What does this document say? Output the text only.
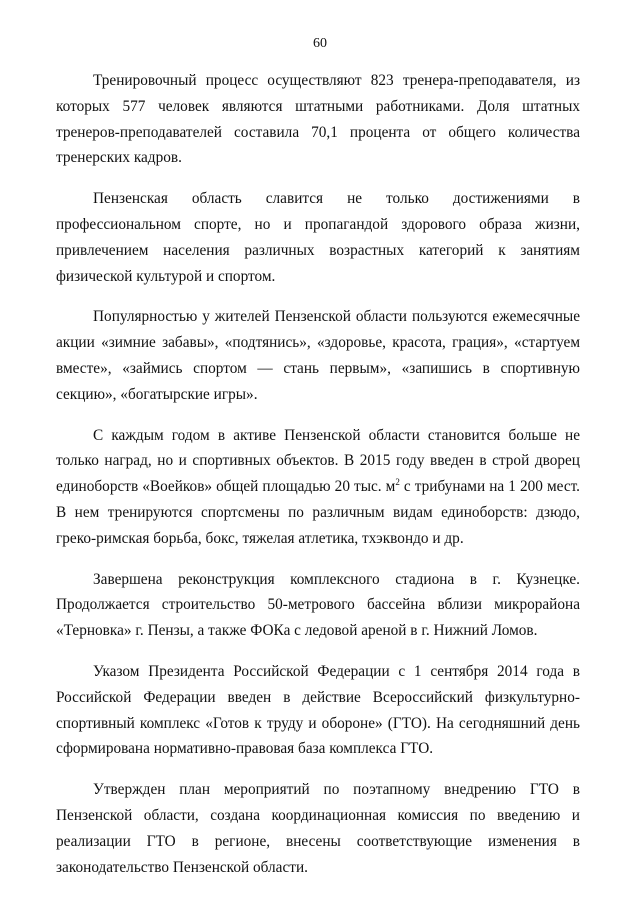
60

Тренировочный процесс осуществляют 823 тренера-преподавателя, из которых 577 человек являются штатными работниками. Доля штатных тренеров-преподавателей составила 70,1 процента от общего количества тренерских кадров.

Пензенская область славится не только достижениями в профессиональном спорте, но и пропагандой здорового образа жизни, привлечением населения различных возрастных категорий к занятиям физической культурой и спортом.

Популярностью у жителей Пензенской области пользуются ежемесячные акции «зимние забавы», «подтянись», «здоровье, красота, грация», «стартуем вместе», «займись спортом — стань первым», «запишись в спортивную секцию», «богатырские игры».

С каждым годом в активе Пензенской области становится больше не только наград, но и спортивных объектов. В 2015 году введен в строй дворец единоборств «Воейков» общей площадью 20 тыс. $м^2$ с трибунами на 1 200 мест. В нем тренируются спортсмены по различным видам единоборств: дзюдо, греко-римская борьба, бокс, тяжелая атлетика, тхэквондо и др.

Завершена реконструкция комплексного стадиона в г. Кузнецке. Продолжается строительство 50-метрового бассейна вблизи микрорайона «Терновка» г. Пензы, а также ФОКа с ледовой ареной в г. Нижний Ломов.

Указом Президента Российской Федерации с 1 сентября 2014 года в Российской Федерации введен в действие Всероссийский физкультурно-спортивный комплекс «Готов к труду и обороне» (ГТО). На сегодняшний день сформирована нормативно-правовая база комплекса ГТО.

Утвержден план мероприятий по поэтапному внедрению ГТО в Пензенской области, создана координационная комиссия по введению и реализации ГТО в регионе, внесены соответствующие изменения в законодательство Пензенской области.
